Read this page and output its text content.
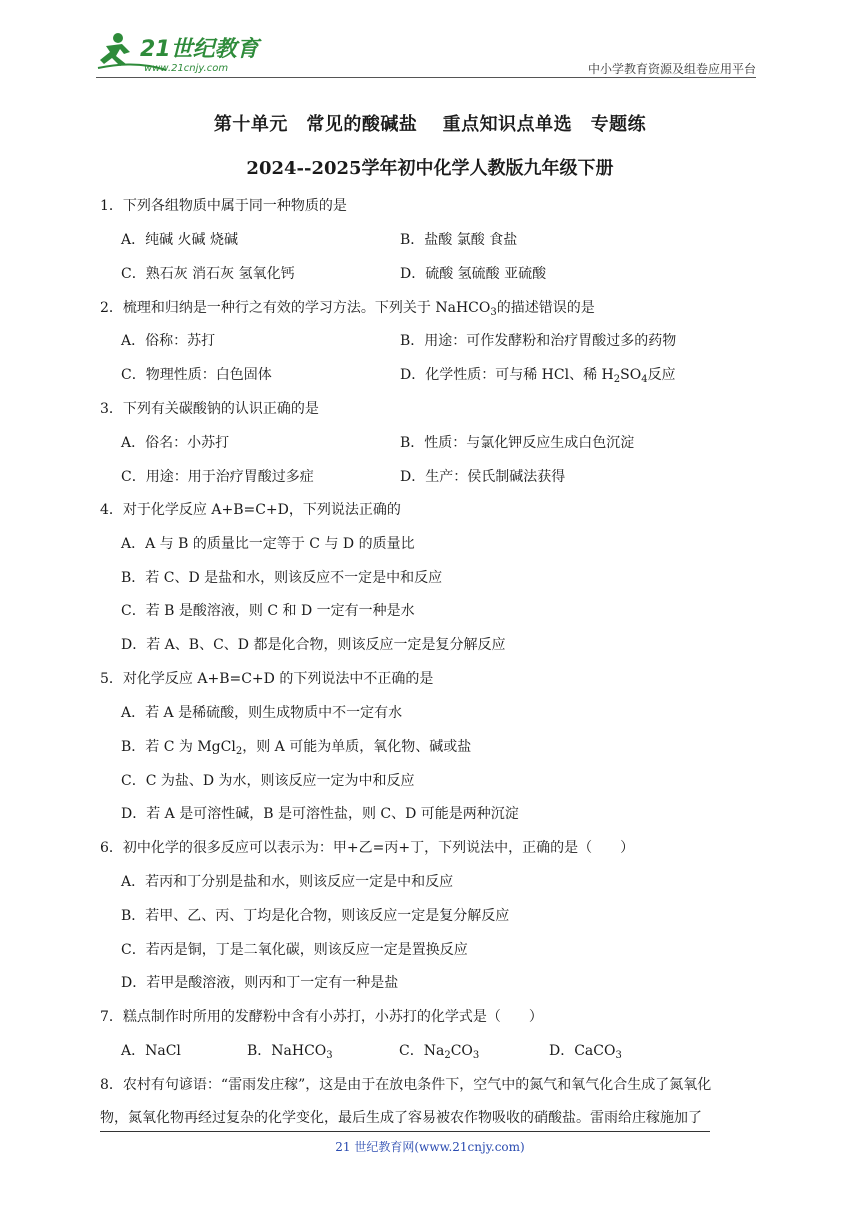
21世纪教育
www.21cnjy.com	中小学教育资源及组卷应用平台
第十单元　常见的酸碱盐　 重点知识点单选　专题练
2024--2025学年初中化学人教版九年级下册
1．下列各组物质中属于同一种物质的是
A．纯碱 火碱 烧碱	B．盐酸 氯酸 食盐
C．熟石灰 消石灰 氢氧化钙	D．硫酸 氢硫酸 亚硫酸
2．梳理和归纳是一种行之有效的学习方法。下列关于 NaHCO$_3$的描述错误的是
A．俗称：苏打	B．用途：可作发酵粉和治疗胃酸过多的药物
C．物理性质：白色固体	D．化学性质：可与稀 HCl、稀 $H_2SO_4$反应
3．下列有关碳酸钠的认识正确的是
A．俗名：小苏打	B．性质：与氯化钾反应生成白色沉淀
C．用途：用于治疗胃酸过多症	D．生产：侯氏制碱法获得
4．对于化学反应 A+B=C+D，下列说法正确的
A．A 与 B 的质量比一定等于 C 与 D 的质量比
B．若 C、D 是盐和水，则该反应不一定是中和反应
C．若 B 是酸溶液，则 C 和 D 一定有一种是水
D．若 A、B、C、D 都是化合物，则该反应一定是复分解反应
5．对化学反应 A+B=C+D 的下列说法中不正确的是
A．若 A 是稀硫酸，则生成物质中不一定有水
B．若 C 为 MgCl$_2$，则 A 可能为单质，氧化物、碱或盐
C．C 为盐、D 为水，则该反应一定为中和反应
D．若 A 是可溶性碱，B 是可溶性盐，则 C、D 可能是两种沉淀
6．初中化学的很多反应可以表示为：甲+乙=丙+丁，下列说法中，正确的是（　　）
A．若丙和丁分别是盐和水，则该反应一定是中和反应
B．若甲、乙、丙、丁均是化合物，则该反应一定是复分解反应
C．若丙是铜，丁是二氧化碳，则该反应一定是置换反应
D．若甲是酸溶液，则丙和丁一定有一种是盐
7．糕点制作时所用的发酵粉中含有小苏打，小苏打的化学式是（　　）
A．NaCl	B．NaHCO$_3$	C．$Na_2CO_3$	D．CaCO$_3$
8．农村有句谚语：“雷雨发庄稼”，这是由于在放电条件下，空气中的氮气和氧气化合生成了氮氧化
物，氮氧化物再经过复杂的化学变化，最后生成了容易被农作物吸收的硝酸盐。雷雨给庄稼施加了
21 世纪教育网(www.21cnjy.com)
